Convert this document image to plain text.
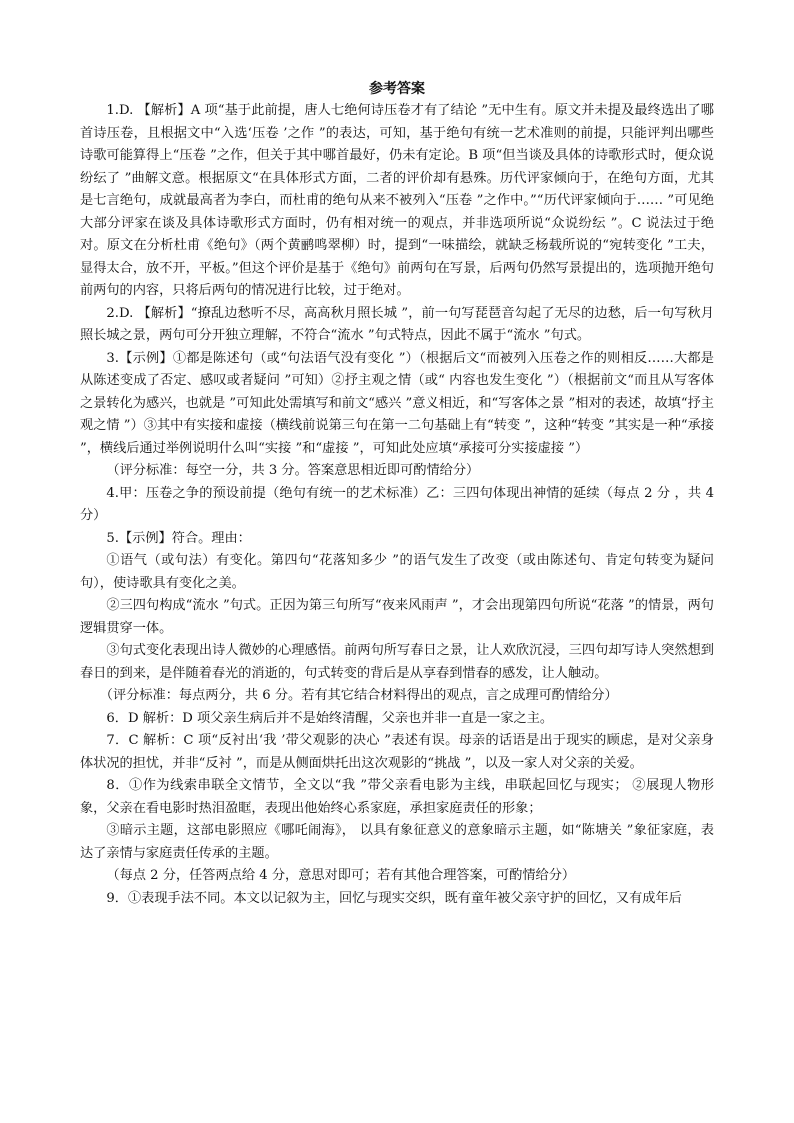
参考答案

1.D. 【解析】A 项“基于此前提，唐人七绝何诗压卷才有了结论 ”无中生有。原文并未提及最终选出了哪首诗压卷，且根据文中“入选‘压卷 ’之作 ”的表达，可知，基于绝句有统一艺术准则的前提，只能评判出哪些诗歌可能算得上“压卷 ”之作，但关于其中哪首最好，仍未有定论。B 项“但当谈及具体的诗歌形式时，便众说纷纭了 ”曲解文意。根据原文“在具体形式方面，二者的评价却有悬殊。历代评家倾向于，在绝句方面，尤其是七言绝句，成就最高者为李白，而杜甫的绝句从来不被列入“压卷 ”之作中。”“历代评家倾向于…… ”可见绝大部分评家在谈及具体诗歌形式方面时，仍有相对统一的观点，并非选项所说“众说纷纭 ”。C 说法过于绝对。原文在分析杜甫《绝句》（两个黄鹂鸣翠柳）时，提到“一味描绘，就缺乏杨载所说的“宛转变化 ”工夫，显得太合，放不开，平板。”但这个评价是基于《绝句》前两句在写景，后两句仍然写景提出的，选项抛开绝句前两句的内容，只将后两句的情况进行比较，过于绝对。

2.D. 【解析】“撩乱边愁听不尽，高高秋月照长城 ”，前一句写琵琶音勾起了无尽的边愁，后一句写秋月照长城之景，两句可分开独立理解，不符合“流水 ”句式特点，因此不属于“流水 ”句式。

3.【示例】①都是陈述句（或“句法语气没有变化 ”）（根据后文“而被列入压卷之作的则相反……大都是从陈述变成了否定、感叹或者疑问 ”可知）②抒主观之情（或“ 内容也发生变化 ”）（根据前文“而且从写客体之景转化为感兴，也就是 ”可知此处需填写和前文“感兴 ”意义相近，和“写客体之景 ”相对的表述，故填“抒主观之情 ”）③其中有实接和虚接（横线前说第三句在第一二句基础上有“转变 ”，这种“转变 ”其实是一种“承接 ”，横线后通过举例说明什么叫“实接 ”和“虚接 ”，可知此处应填“承接可分实接虚接 ”）

（评分标准：每空一分，共 3 分。答案意思相近即可酌情给分）

4.甲：压卷之争的预设前提（绝句有统一的艺术标准）乙：三四句体现出神情的延续（每点 2 分 ，共 4 分）

5.【示例】符合。理由：

①语气（或句法）有变化。第四句“花落知多少 ”的语气发生了改变（或由陈述句、肯定句转变为疑问句），使诗歌具有变化之美。

②三四句构成“流水 ”句式。正因为第三句所写“夜来风雨声 ”，才会出现第四句所说“花落 ”的情景，两句逻辑贯穿一体。

③句式变化表现出诗人微妙的心理感悟。前两句所写春日之景，让人欢欣沉浸，三四句却写诗人突然想到春日的到来，是伴随着春光的消逝的，句式转变的背后是从享春到惜春的感发，让人触动。

（评分标准：每点两分，共 6 分。若有其它结合材料得出的观点，言之成理可酌情给分）

6．D 解析：D 项父亲生病后并不是始终清醒，父亲也并非一直是一家之主。

7．C 解析：C 项“反衬出‘我 ’带父观影的决心 ”表述有误。母亲的话语是出于现实的顾虑，是对父亲身体状况的担忧，并非“反衬 ”，而是从侧面烘托出这次观影的“挑战 ”，以及一家人对父亲的关爱。

8．①作为线索串联全文情节，全文以“我 ”带父亲看电影为主线，串联起回忆与现实； ②展现人物形象，父亲在看电影时热泪盈眶，表现出他始终心系家庭，承担家庭责任的形象；

③暗示主题，这部电影照应《哪吒闹海》， 以具有象征意义的意象暗示主题，如“陈塘关 ”象征家庭，表达了亲情与家庭责任传承的主题。

（每点 2 分，任答两点给 4 分，意思对即可；若有其他合理答案，可酌情给分）

9．①表现手法不同。本文以记叙为主，回忆与现实交织，既有童年被父亲守护的回忆，又有成年后
